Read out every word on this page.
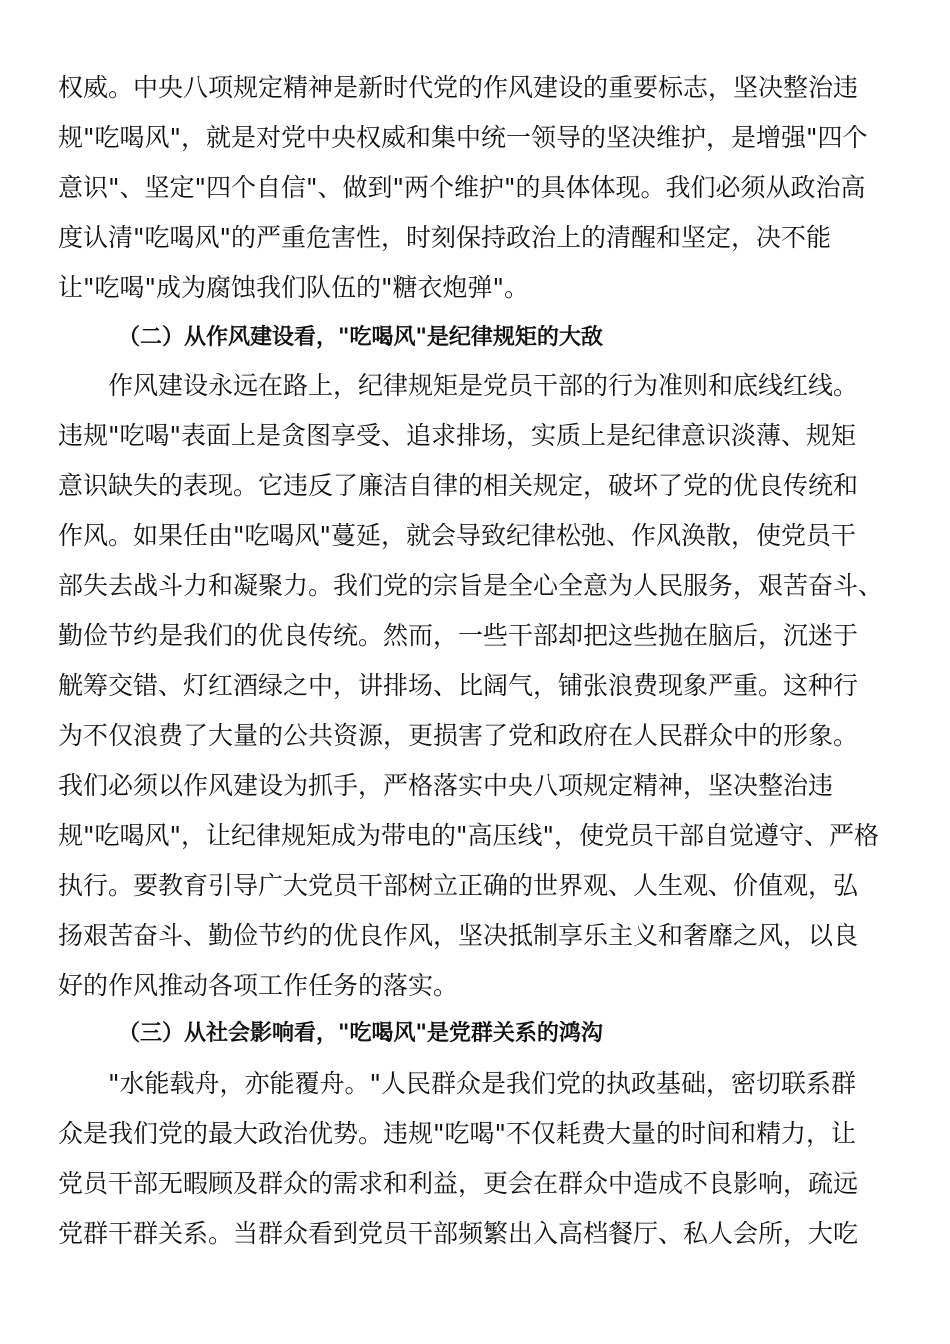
权威。中央八项规定精神是新时代党的作风建设的重要标志，坚决整治违
规"吃喝风"，就是对党中央权威和集中统一领导的坚决维护，是增强"四个
意识"、坚定"四个自信"、做到"两个维护"的具体体现。我们必须从政治高
度认清"吃喝风"的严重危害性，时刻保持政治上的清醒和坚定，决不能
让"吃喝"成为腐蚀我们队伍的"糖衣炮弹"。
（二）从作风建设看，"吃喝风"是纪律规矩的大敌
　　作风建设永远在路上，纪律规矩是党员干部的行为准则和底线红线。
违规"吃喝"表面上是贪图享受、追求排场，实质上是纪律意识淡薄、规矩
意识缺失的表现。它违反了廉洁自律的相关规定，破坏了党的优良传统和
作风。如果任由"吃喝风"蔓延，就会导致纪律松弛、作风涣散，使党员干
部失去战斗力和凝聚力。我们党的宗旨是全心全意为人民服务，艰苦奋斗、
勤俭节约是我们的优良传统。然而，一些干部却把这些抛在脑后，沉迷于
觥筹交错、灯红酒绿之中，讲排场、比阔气，铺张浪费现象严重。这种行
为不仅浪费了大量的公共资源，更损害了党和政府在人民群众中的形象。
我们必须以作风建设为抓手，严格落实中央八项规定精神，坚决整治违
规"吃喝风"，让纪律规矩成为带电的"高压线"，使党员干部自觉遵守、严格
执行。要教育引导广大党员干部树立正确的世界观、人生观、价值观，弘
扬艰苦奋斗、勤俭节约的优良作风，坚决抵制享乐主义和奢靡之风，以良
好的作风推动各项工作任务的落实。
（三）从社会影响看，"吃喝风"是党群关系的鸿沟
　　"水能载舟，亦能覆舟。"人民群众是我们党的执政基础，密切联系群
众是我们党的最大政治优势。违规"吃喝"不仅耗费大量的时间和精力，让
党员干部无暇顾及群众的需求和利益，更会在群众中造成不良影响，疏远
党群干群关系。当群众看到党员干部频繁出入高档餐厅、私人会所，大吃
